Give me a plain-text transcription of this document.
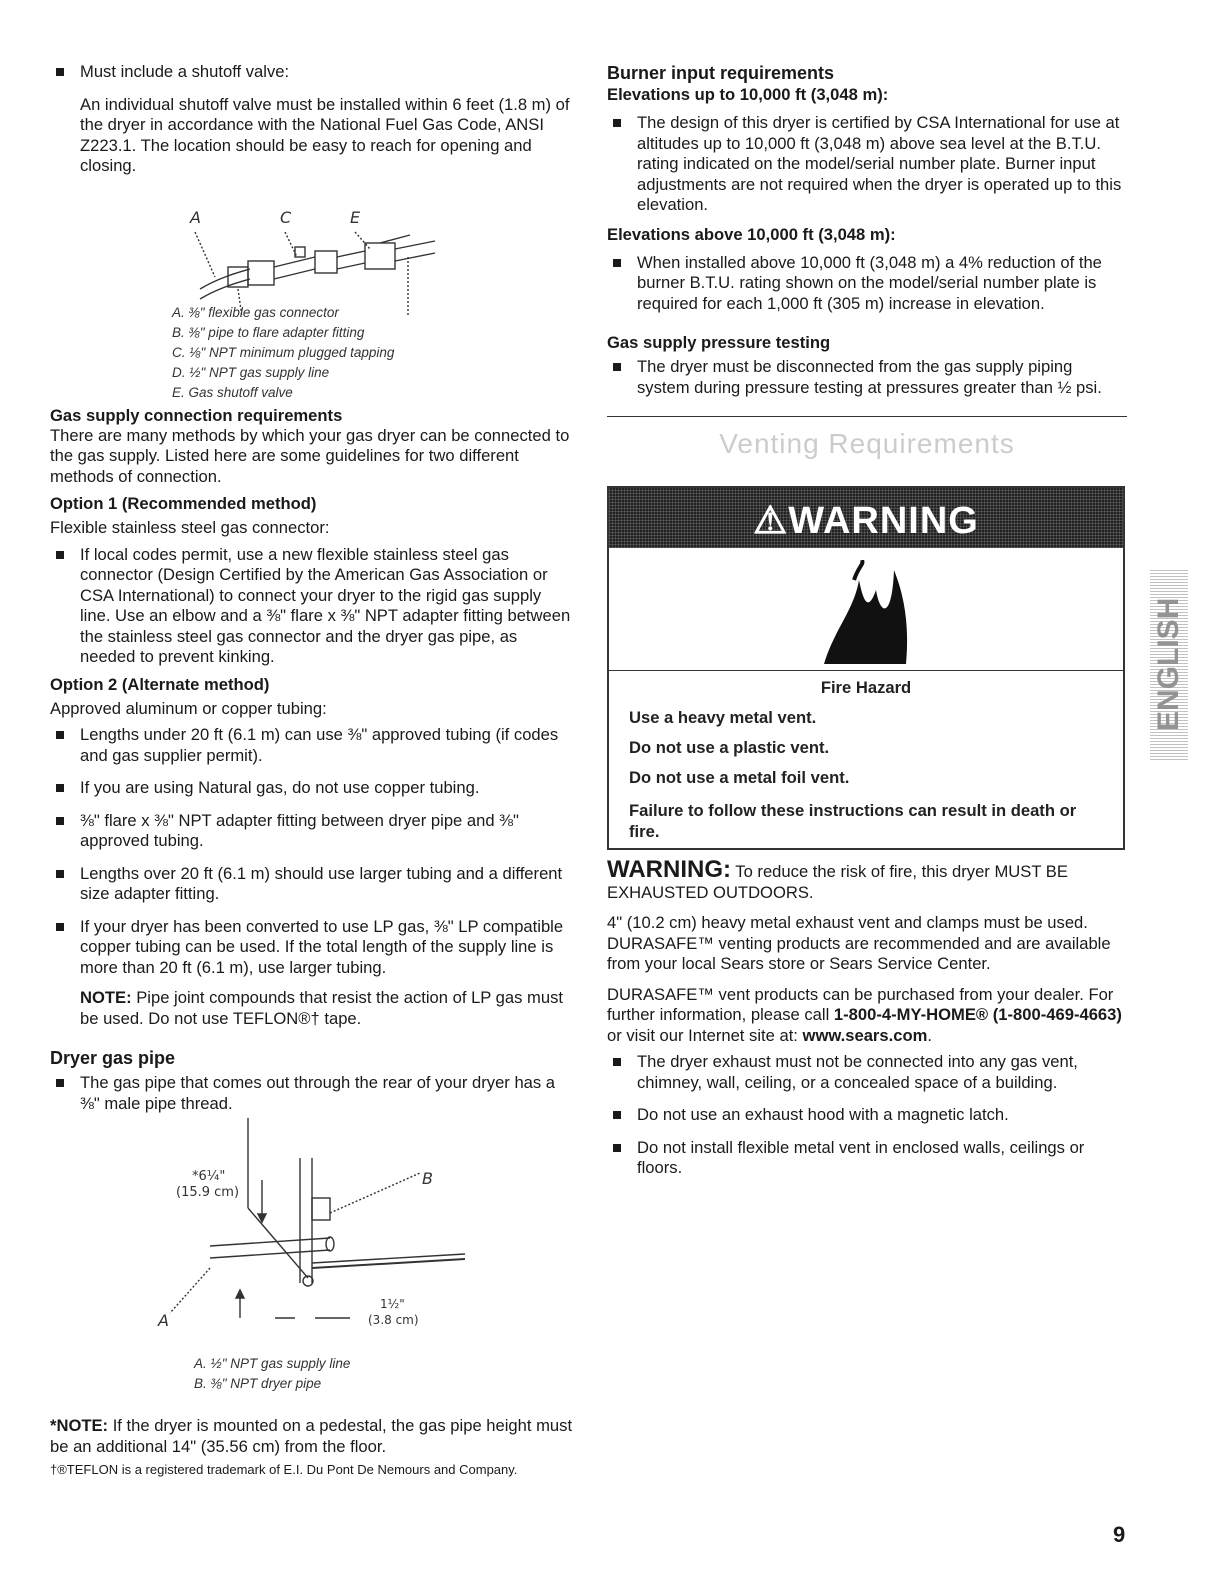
Must include a shutoff valve:

An individual shutoff valve must be installed within 6 feet (1.8 m) of the dryer in accordance with the National Fuel Gas Code, ANSI Z223.1. The location should be easy to reach for opening and closing.

A	C	E
A. ⅜" flexible gas connector
B. ⅜" pipe to flare adapter fitting
C. ⅛" NPT minimum plugged tapping
D. ½" NPT gas supply line
E. Gas shutoff valve

Gas supply connection requirements

There are many methods by which your gas dryer can be connected to the gas supply. Listed here are some guidelines for two different methods of connection.

Option 1 (Recommended method)

Flexible stainless steel gas connector:

If local codes permit, use a new flexible stainless steel gas connector (Design Certified by the American Gas Association or CSA International) to connect your dryer to the rigid gas supply line. Use an elbow and a ⅜" flare x ⅜" NPT adapter fitting between the stainless steel gas connector and the dryer gas pipe, as needed to prevent kinking.

Option 2 (Alternate method)

Approved aluminum or copper tubing:

Lengths under 20 ft (6.1 m) can use ⅜" approved tubing (if codes and gas supplier permit).

If you are using Natural gas, do not use copper tubing.

⅜" flare x ⅜" NPT adapter fitting between dryer pipe and ⅜" approved tubing.

Lengths over 20 ft (6.1 m) should use larger tubing and a different size adapter fitting.

If your dryer has been converted to use LP gas, ⅜" LP compatible copper tubing can be used. If the total length of the supply line is more than 20 ft (6.1 m), use larger tubing.

NOTE: Pipe joint compounds that resist the action of LP gas must be used. Do not use TEFLON®† tape.

Dryer gas pipe

The gas pipe that comes out through the rear of your dryer has a ⅜" male pipe thread.

*6¼"
(15.9 cm)
B
A
1½"
(3.8 cm)
A. ½" NPT gas supply line
B. ⅜" NPT dryer pipe

*NOTE: If the dryer is mounted on a pedestal, the gas pipe height must be an additional 14" (35.56 cm) from the floor.

†®TEFLON is a registered trademark of E.I. Du Pont De Nemours and Company.

Burner input requirements

Elevations up to 10,000 ft (3,048 m):

The design of this dryer is certified by CSA International for use at altitudes up to 10,000 ft (3,048 m) above sea level at the B.T.U. rating indicated on the model/serial number plate. Burner input adjustments are not required when the dryer is operated up to this elevation.

Elevations above 10,000 ft (3,048 m):

When installed above 10,000 ft (3,048 m) a 4% reduction of the burner B.T.U. rating shown on the model/serial number plate is required for each 1,000 ft (305 m) increase in elevation.

Gas supply pressure testing

The dryer must be disconnected from the gas supply piping system during pressure testing at pressures greater than ½ psi.

Venting Requirements
⚠WARNING
Fire Hazard
Use a heavy metal vent.
Do not use a plastic vent.
Do not use a metal foil vent.
Failure to follow these instructions can result in death or fire.

WARNING: To reduce the risk of fire, this dryer MUST BE EXHAUSTED OUTDOORS.

4" (10.2 cm) heavy metal exhaust vent and clamps must be used. DURASAFE™ venting products are recommended and are available from your local Sears store or Sears Service Center.

DURASAFE™ vent products can be purchased from your dealer. For further information, please call 1-800-4-MY-HOME® (1-800-469-4663) or visit our Internet site at: www.sears.com.

The dryer exhaust must not be connected into any gas vent, chimney, wall, ceiling, or a concealed space of a building.

Do not use an exhaust hood with a magnetic latch.

Do not install flexible metal vent in enclosed walls, ceilings or floors.

ENGLISH
9
